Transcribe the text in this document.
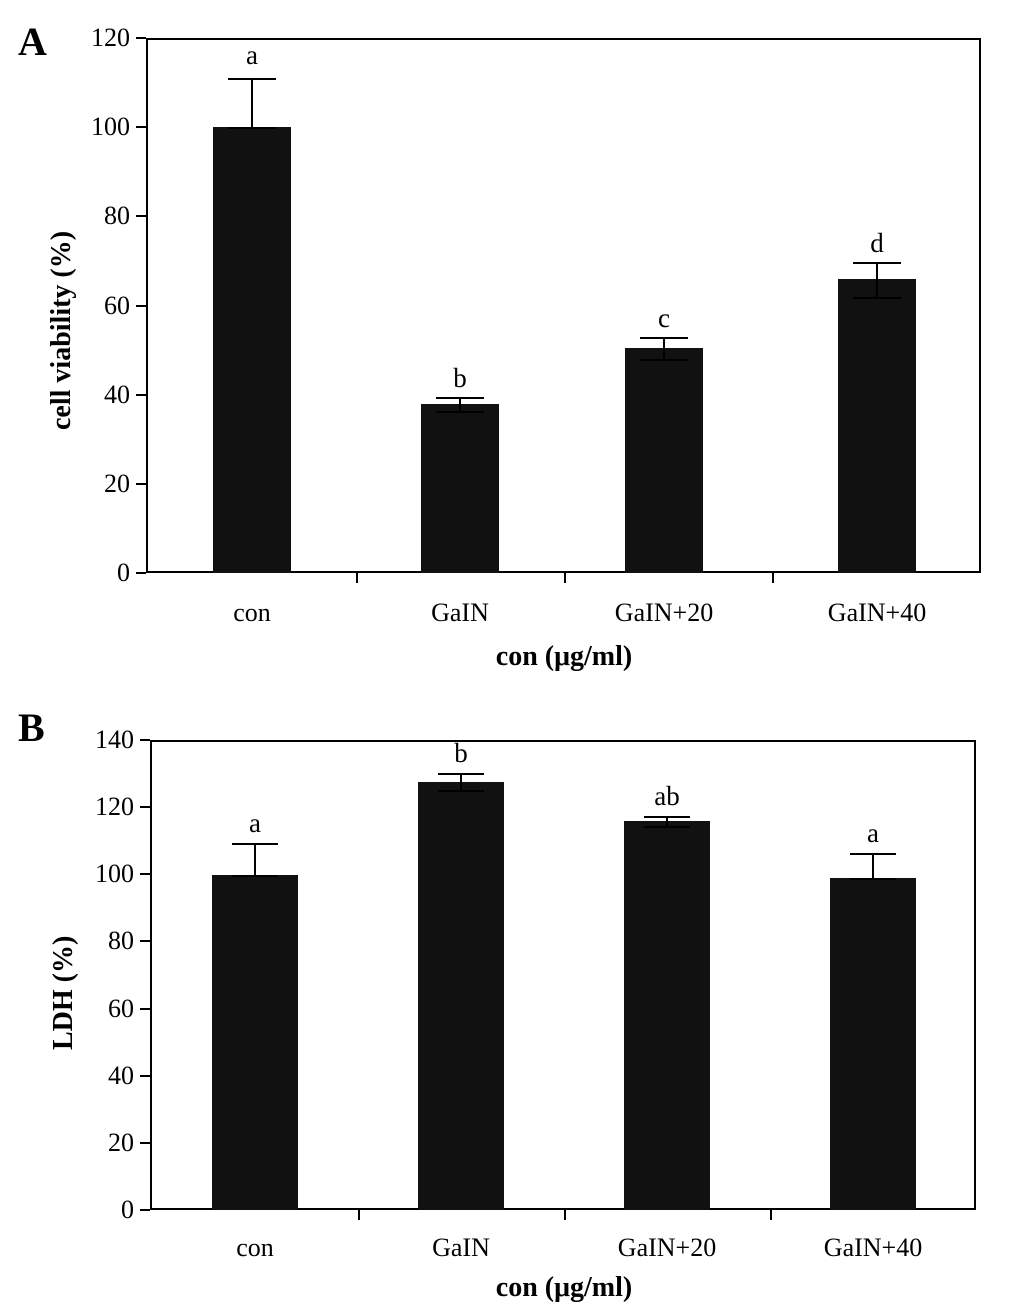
A
0
20
40
60
80
100
120
cell viability (%)
a
b
c
d
con	GaIN	GaIN+20	GaIN+40
con (μg/ml)
B
0
20
40
60
80
100
120
140
LDH (%)
a
b
ab
a
con	GaIN	GaIN+20	GaIN+40
con (μg/ml)
